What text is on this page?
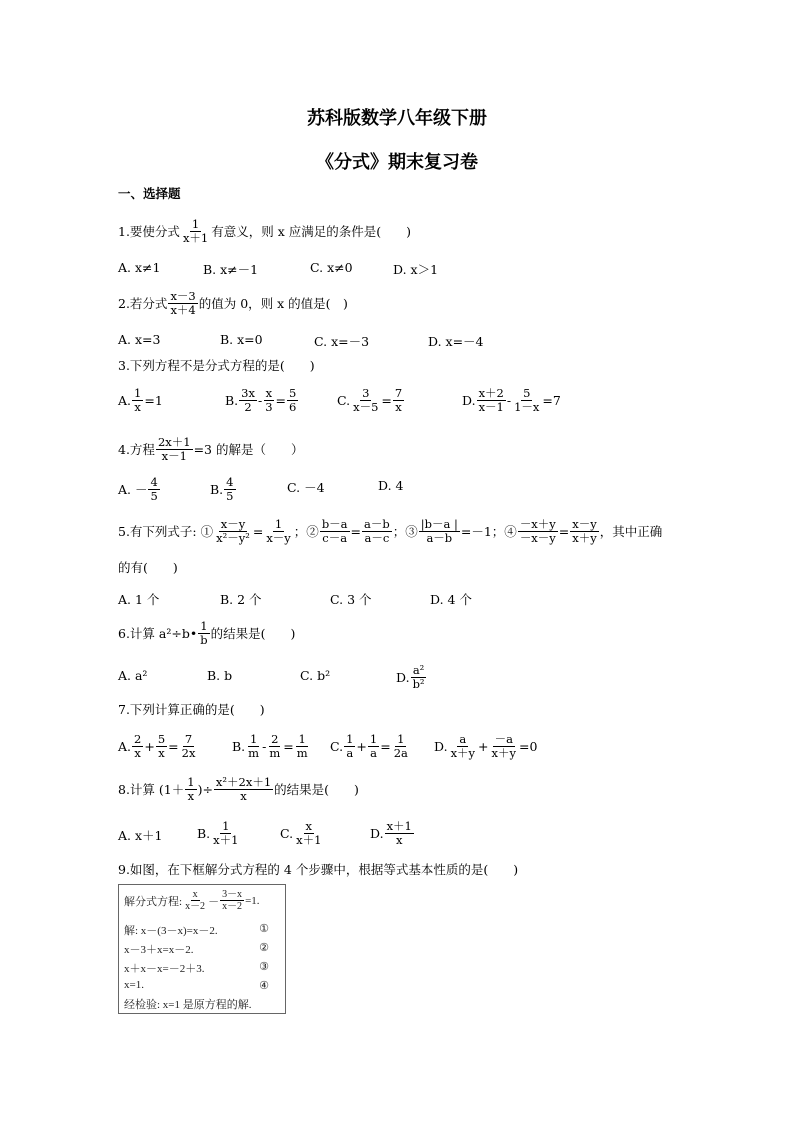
苏科版数学八年级下册
《分式》期末复习卷
一、选择题
1.要使分式 $\frac{1}{x+1}$ 有意义，则 x 应满足的条件是(　　)
A. x≠1	B. x≠－1	C. x≠0	D. x＞1
2.若分式 $\frac{x-3}{x+4}$ 的值为 0，则 x 的值是(　)
A. x=3	B. x=0	C. x=－3	D. x=－4
3.下列方程不是分式方程的是(　　)
A. $\frac{1}{x} =1$	B. $\frac{3x}{2} - \frac{x}{3} = \frac{5}{6}$	C. $\frac{3}{x-5} = \frac{7}{x}$	D. $\frac{x+2}{x-1} - \frac{5}{1-x} =7$
4.方程 $\frac{2x+1}{x-1} =3$ 的解是（　　）
A. － $\frac{4}{5}$	B. $\frac{4}{5}$	C. －4	D. 4
5.有下列式子: ① $\frac{x-y}{\text{x²－y²}} = \frac{1}{x-y}$ ；② $\frac{b-a}{c-a} = \frac{a-b}{a-c}$ ；③ $\frac{|b-a |}{a-b} =-1$；④ $\frac{-x+y}{-x-y} = \frac{x-y}{x+y}$ ，其中正确
的有(　　)
A. 1 个	B. 2 个	C. 3 个	D. 4 个
6.计算 a²÷b• $\frac{1}{b}$ 的结果是(　　)
A. a²	B. b	C. b²	D. $\frac{\text{a²}}{\text{b²}}$
7.下列计算正确的是(　　)
A. $\frac{2}{x} + \frac{5}{x} = \frac{7}{2x}$	B. $\frac{1}{m} - \frac{2}{m} = \frac{1}{m} C$. $\frac{1}{a} + \frac{1}{a} = \frac{1}{2a} D$. $\frac{a}{x+y} + \frac{-a}{x+y} =0$
8.计算 ($1+ \frac{1}{x}$ )÷ $\frac{\text{x²＋2x＋1}}{x}$ 的结果是(　　)
A. x＋1	B. $\frac{1}{x+1}$	C. $\frac{x}{x+1}$	D. $\frac{x+1}{x}$
9.如图，在下框解分式方程的 4 个步骤中，根据等式基本性质的是(　　)
解分式方程: $\frac{x}{x-2} - \frac{3-x}{x-2} =1$.
解: x－(3－x)=x－2.	①
x－3＋x=x－2.	②
x＋x－x=－2＋3.	③
x=1.	④
经检验: x=1 是原方程的解.
